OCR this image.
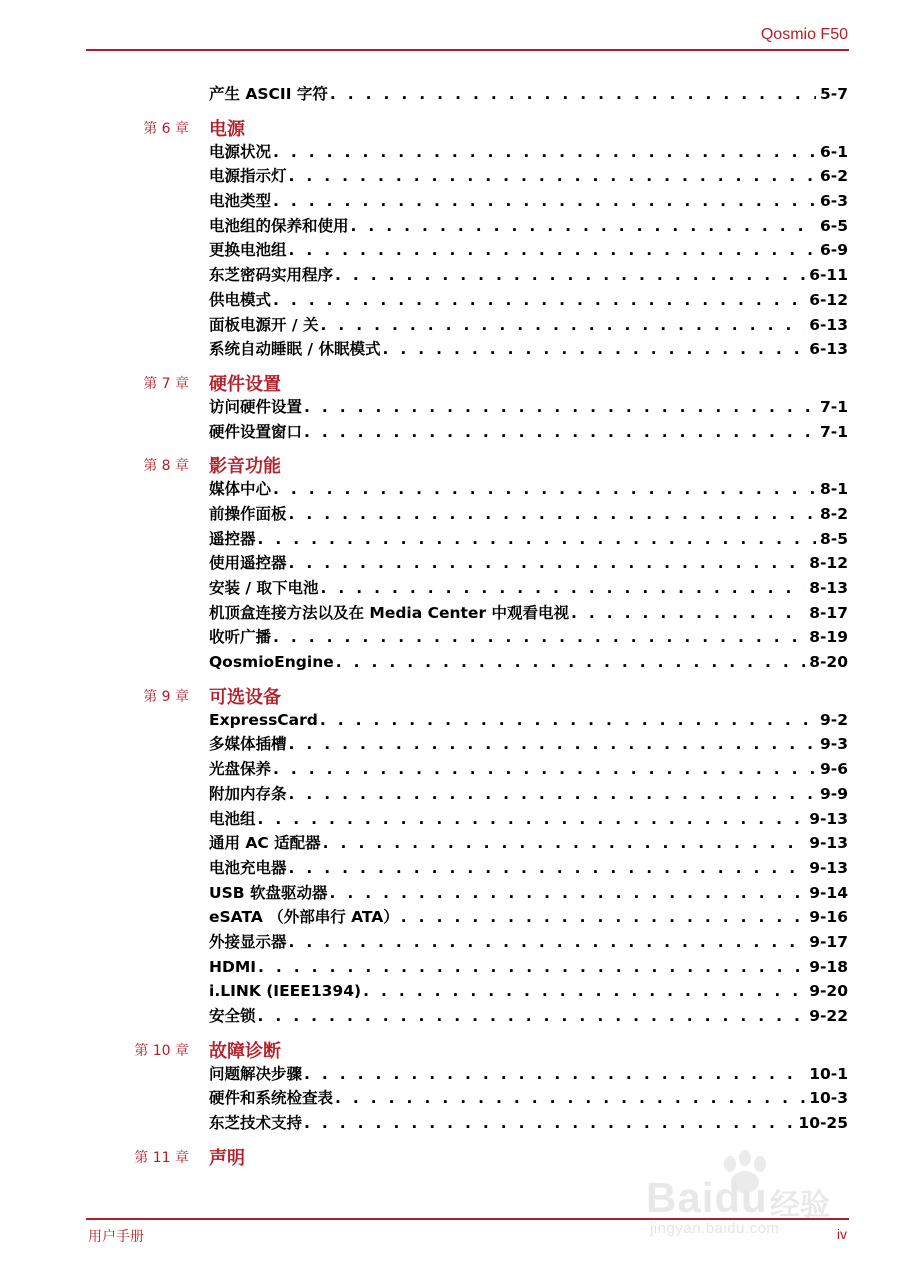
Qosmio F50
产生 ASCII 字符 . . .	5-7
第 6 章 电源
电源状况 . . .	6-1
电源指示灯 . . .	6-2
电池类型 . . .	6-3
电池组的保养和使用 . . .	6-5
更换电池组 . . .	6-9
东芝密码实用程序 . . .	6-11
供电模式 . . .	6-12
面板电源开 / 关 . . .	6-13
系统自动睡眠 / 休眠模式 . . .	6-13
第 7 章 硬件设置
访问硬件设置 . . .	7-1
硬件设置窗口 . . .	7-1
第 8 章 影音功能
媒体中心 . . .	8-1
前操作面板 . . .	8-2
遥控器 . . .	8-5
使用遥控器 . . .	8-12
安装 / 取下电池 . . .	8-13
机顶盒连接方法以及在 Media Center 中观看电视 . . .	8-17
收听广播 . . .	8-19
QosmioEngine . . .	8-20
第 9 章 可选设备
ExpressCard . . .	9-2
多媒体插槽 . . .	9-3
光盘保养 . . .	9-6
附加内存条 . . .	9-9
电池组 . . .	9-13
通用 AC 适配器 . . .	9-13
电池充电器 . . .	9-13
USB 软盘驱动器 . . .	9-14
eSATA （外部串行 ATA） . . .	9-16
外接显示器 . . .	9-17
HDMI . . .	9-18
i.LINK (IEEE1394) . . .	9-20
安全锁 . . .	9-22
第 10 章 故障诊断
问题解决步骤 . . .	10-1
硬件和系统检查表 . . .	10-3
东芝技术支持 . . .	10-25
第 11 章 声明
用户手册	iv
Baidu 经验
jingyan.baidu.com
